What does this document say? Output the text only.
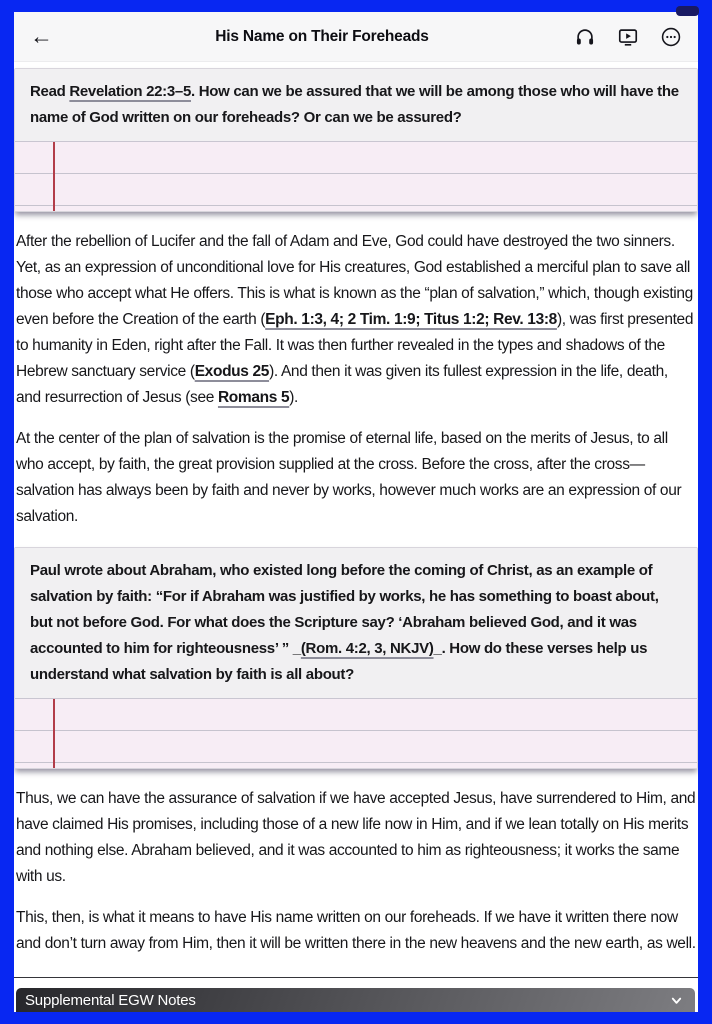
←	His Name on Their Foreheads
Read Revelation 22:3–5. How can we be assured that we will be among those who will have the name of God written on our foreheads? Or can we be assured?
After the rebellion of Lucifer and the fall of Adam and Eve, God could have destroyed the two sinners. Yet, as an expression of unconditional love for His creatures, God established a merciful plan to save all those who accept what He offers. This is what is known as the “plan of salvation,” which, though existing even before the Creation of the earth (Eph. 1:3, 4; 2 Tim. 1:9; Titus 1:2; Rev. 13:8), was first presented to humanity in Eden, right after the Fall. It was then further revealed in the types and shadows of the Hebrew sanctuary service (Exodus 25). And then it was given its fullest expression in the life, death, and resurrection of Jesus (see Romans 5).
At the center of the plan of salvation is the promise of eternal life, based on the merits of Jesus, to all who accept, by faith, the great provision supplied at the cross. Before the cross, after the cross—salvation has always been by faith and never by works, however much works are an expression of our salvation.
Paul wrote about Abraham, who existed long before the coming of Christ, as an example of salvation by faith: “For if Abraham was justified by works, he has something to boast about, but not before God. For what does the Scripture say? ‘Abraham believed God, and it was accounted to him for righteousness’ ” _(Rom. 4:2, 3, NKJV)_. How do these verses help us understand what salvation by faith is all about?
Thus, we can have the assurance of salvation if we have accepted Jesus, have surrendered to Him, and have claimed His promises, including those of a new life now in Him, and if we lean totally on His merits and nothing else. Abraham believed, and it was accounted to him as righteousness; it works the same with us.
This, then, is what it means to have His name written on our foreheads. If we have it written there now and don’t turn away from Him, then it will be written there in the new heavens and the new earth, as well.
Supplemental EGW Notes
